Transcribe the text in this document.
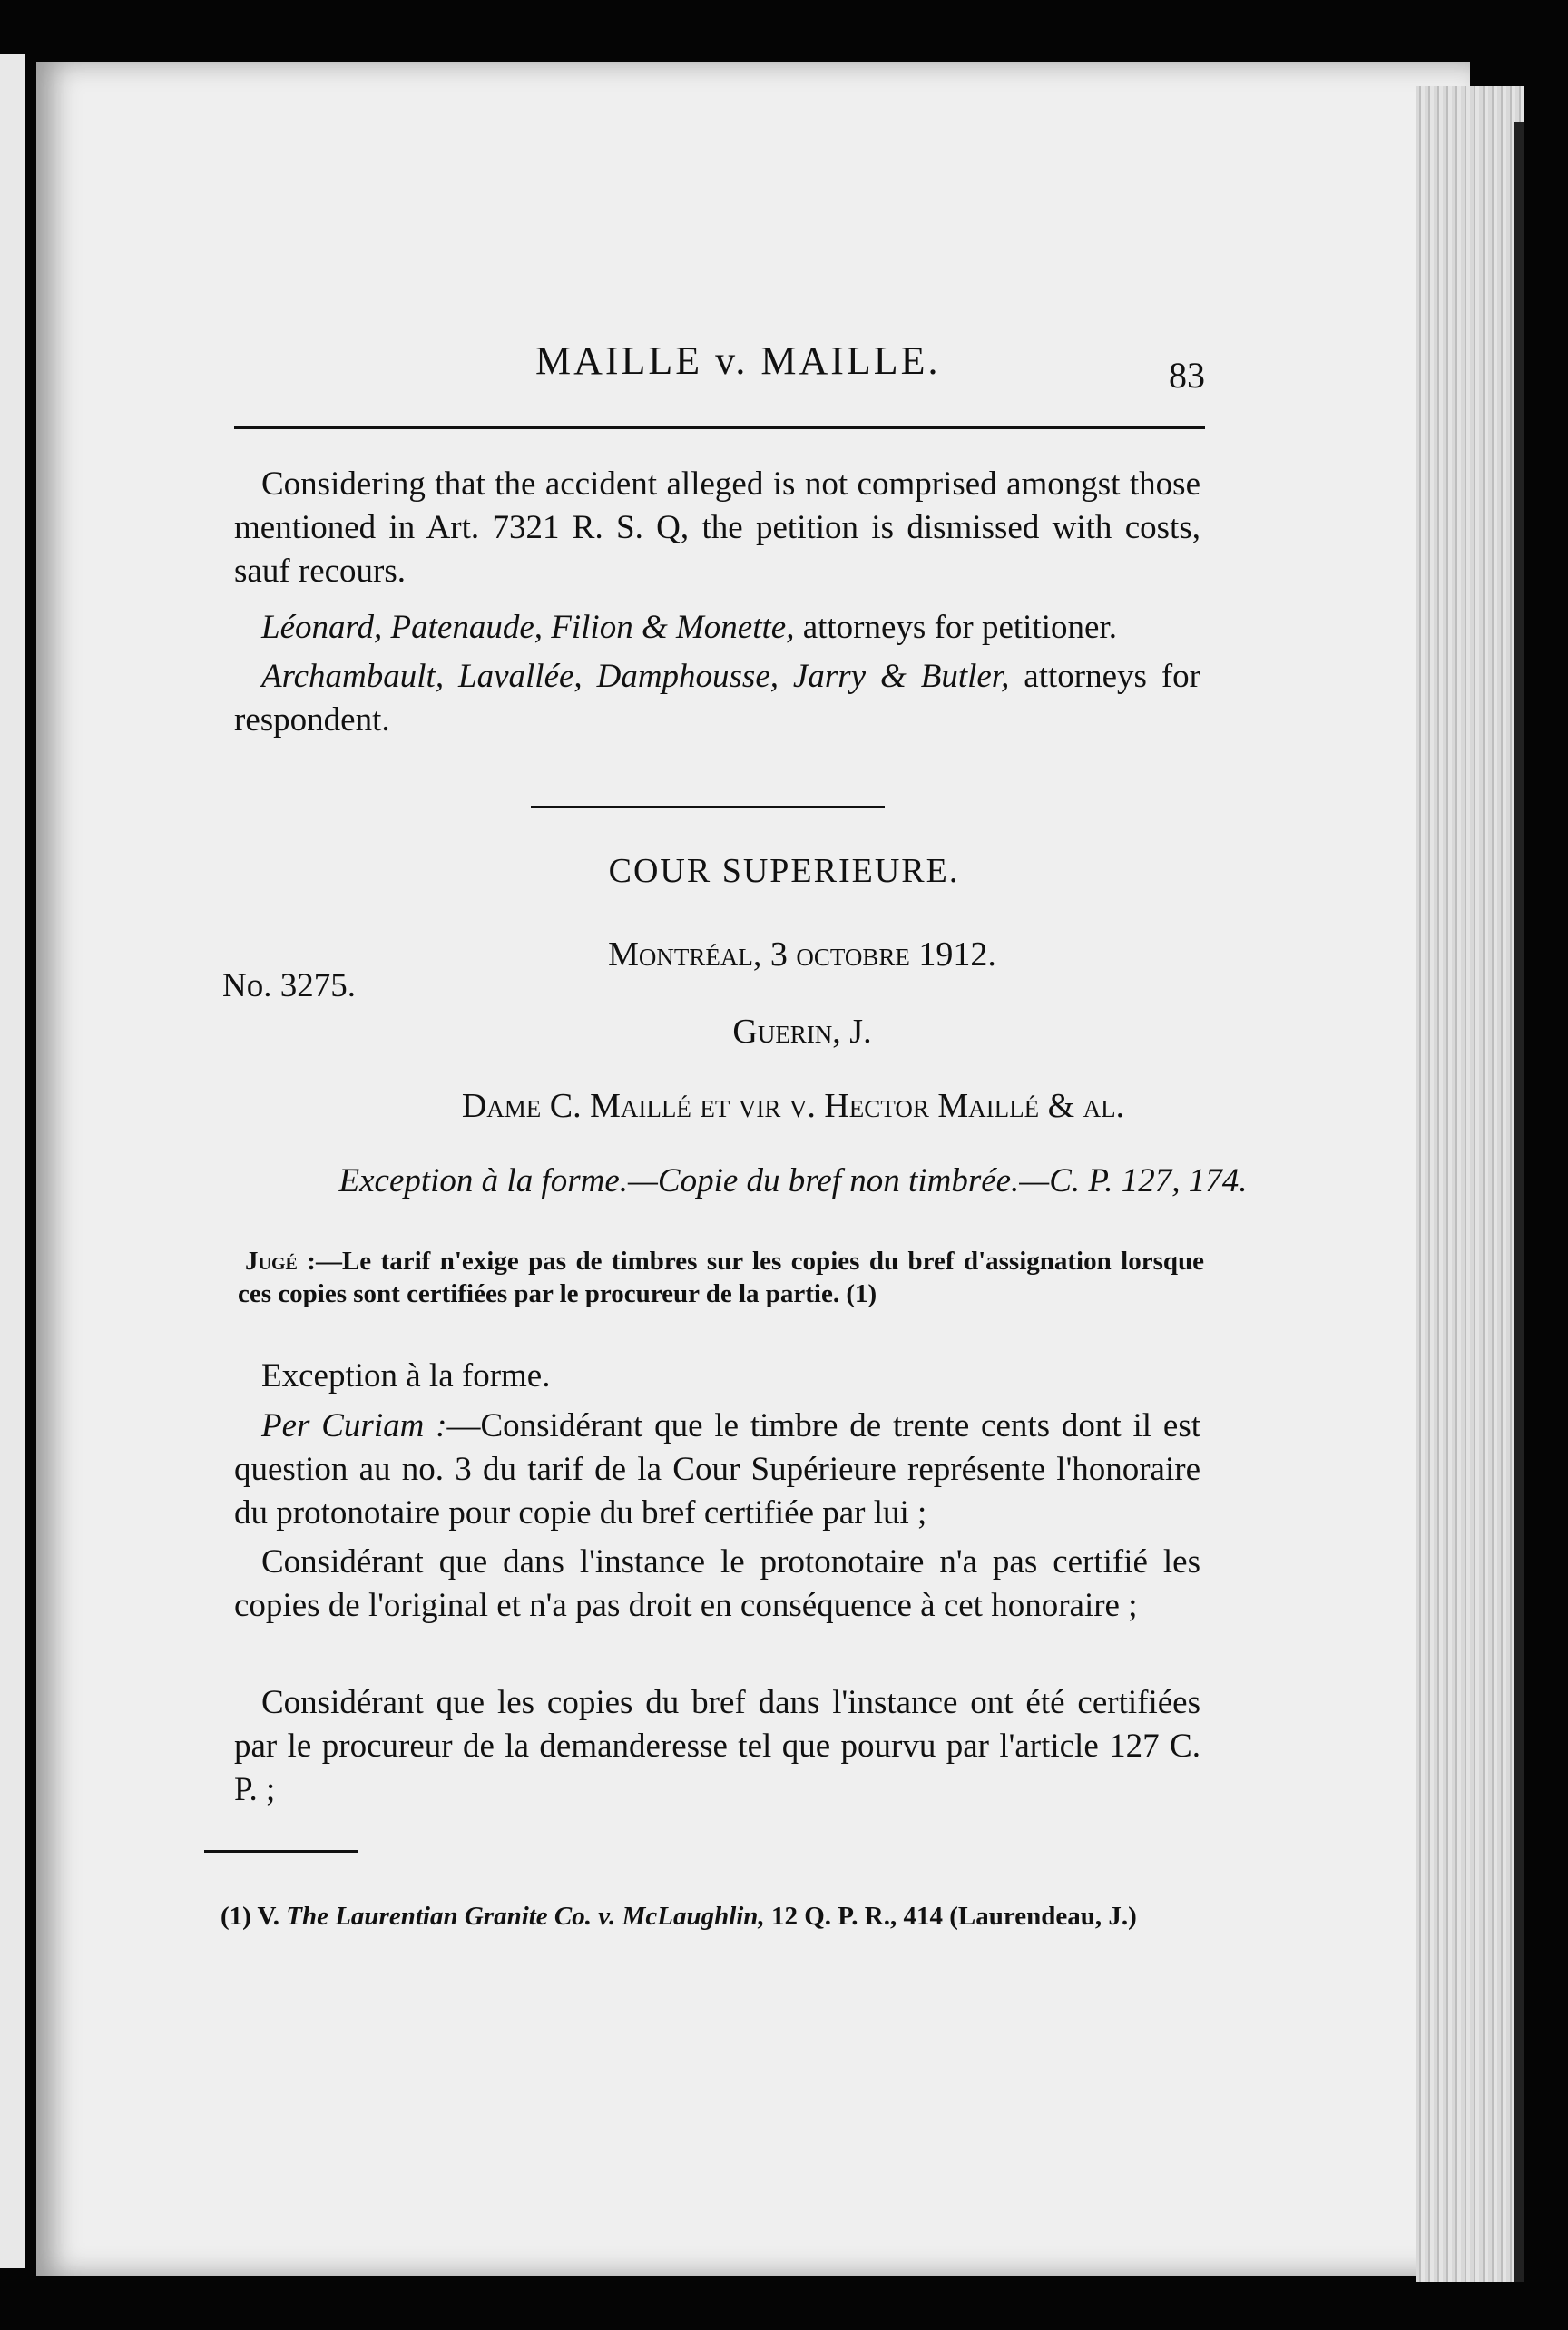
MAILLE v. MAILLE.	83
Considering that the accident alleged is not comprised amongst those mentioned in Art. 7321 R. S. Q, the petition is dismissed with costs, sauf recours.
Léonard, Patenaude, Filion & Monette, attorneys for petitioner.
Archambault, Lavallée, Damphousse, Jarry & Butler, attorneys for respondent.
COUR SUPERIEURE.
Montréal, 3 octobre 1912.
No. 3275.
Guerin, J.
Dame C. Maillé et vir v. Hector Maillé & al.
Exception à la forme.—Copie du bref non timbrée.—C. P. 127, 174.
Jugé :—Le tarif n'exige pas de timbres sur les copies du bref d'assignation lorsque ces copies sont certifiées par le procureur de la partie. (1)
Exception à la forme.
Per Curiam :—Considérant que le timbre de trente cents dont il est question au no. 3 du tarif de la Cour Supérieure représente l'honoraire du protonotaire pour copie du bref certifiée par lui ;
Considérant que dans l'instance le protonotaire n'a pas certifié les copies de l'original et n'a pas droit en conséquence à cet honoraire ;
Considérant que les copies du bref dans l'instance ont été certifiées par le procureur de la demanderesse tel que pourvu par l'article 127 C. P. ;
(1) V. The Laurentian Granite Co. v. McLaughlin, 12 Q. P. R., 414 (Laurendeau, J.)
